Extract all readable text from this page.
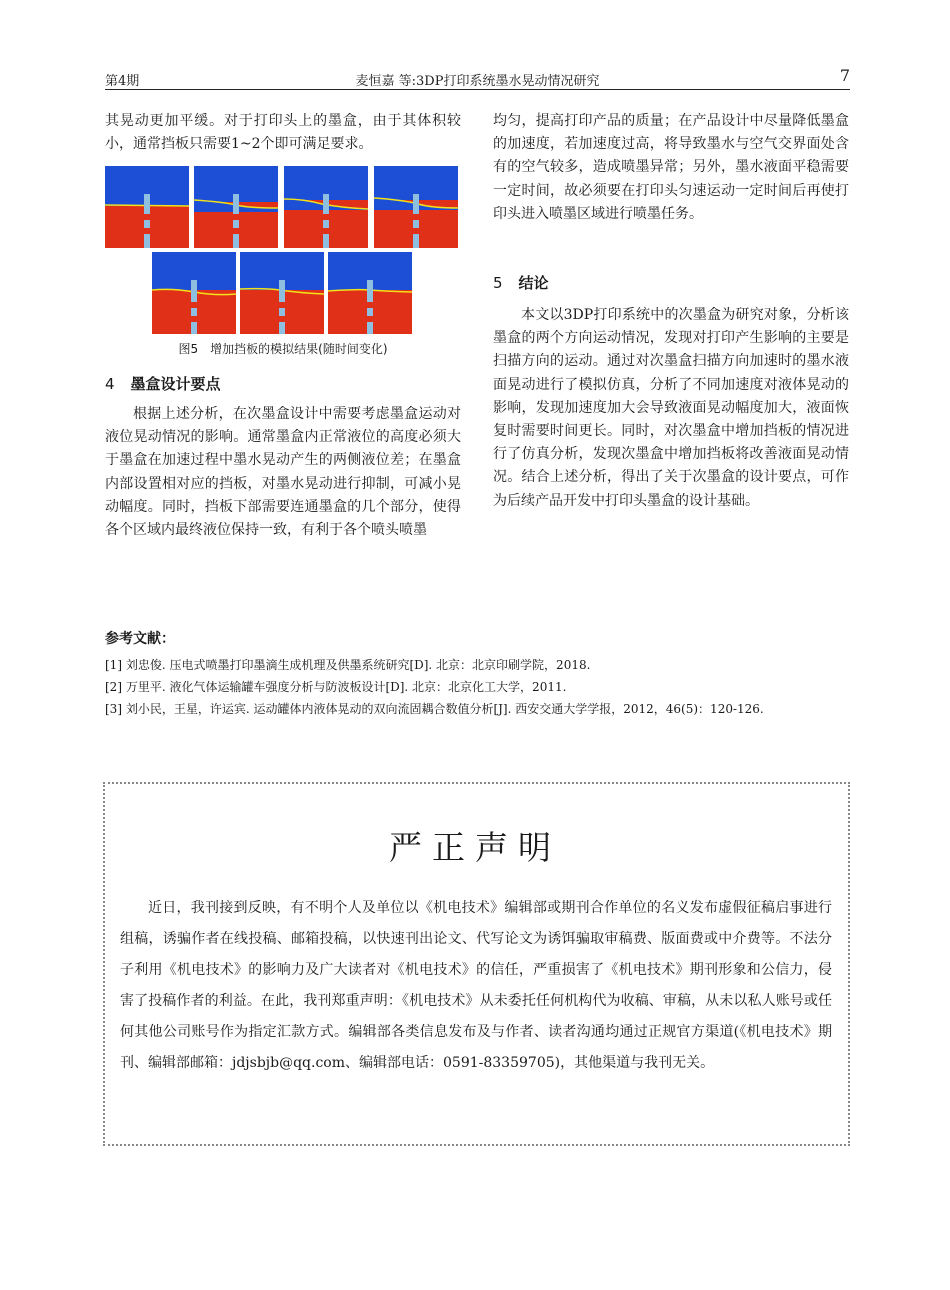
第4期	麦恒嘉 等:3DP打印系统墨水晃动情况研究	7
其晃动更加平缓。对于打印头上的墨盒，由于其体积较小，通常挡板只需要1~2个即可满足要求。
图5　增加挡板的模拟结果(随时间变化)
4 墨盒设计要点
根据上述分析，在次墨盒设计中需要考虑墨盒运动对液位晃动情况的影响。通常墨盒内正常液位的高度必须大于墨盒在加速过程中墨水晃动产生的两侧液位差；在墨盒内部设置相对应的挡板，对墨水晃动进行抑制，可减小晃动幅度。同时，挡板下部需要连通墨盒的几个部分，使得各个区域内最终液位保持一致，有利于各个喷头喷墨
均匀，提高打印产品的质量；在产品设计中尽量降低墨盒的加速度，若加速度过高，将导致墨水与空气交界面处含有的空气较多，造成喷墨异常；另外，墨水液面平稳需要一定时间，故必须要在打印头匀速运动一定时间后再使打印头进入喷墨区域进行喷墨任务。
5 结论
本文以3DP打印系统中的次墨盒为研究对象，分析该墨盒的两个方向运动情况，发现对打印产生影响的主要是扫描方向的运动。通过对次墨盒扫描方向加速时的墨水液面晃动进行了模拟仿真，分析了不同加速度对液体晃动的影响，发现加速度加大会导致液面晃动幅度加大，液面恢复时需要时间更长。同时，对次墨盒中增加挡板的情况进行了仿真分析，发现次墨盒中增加挡板将改善液面晃动情况。结合上述分析，得出了关于次墨盒的设计要点，可作为后续产品开发中打印头墨盒的设计基础。
参考文献：
[1] 刘忠俊. 压电式喷墨打印墨滴生成机理及供墨系统研究[D]. 北京：北京印刷学院，2018.
[2] 万里平. 液化气体运输罐车强度分析与防波板设计[D]. 北京：北京化工大学，2011.
[3] 刘小民，王星，许运宾. 运动罐体内液体晃动的双向流固耦合数值分析[J]. 西安交通大学学报，2012，46(5)：120-126.
严正声明
近日，我刊接到反映，有不明个人及单位以《机电技术》编辑部或期刊合作单位的名义发布虚假征稿启事进行组稿，诱骗作者在线投稿、邮箱投稿，以快速刊出论文、代写论文为诱饵骗取审稿费、版面费或中介费等。不法分子利用《机电技术》的影响力及广大读者对《机电技术》的信任，严重损害了《机电技术》期刊形象和公信力，侵害了投稿作者的利益。在此，我刊郑重声明：《机电技术》从未委托任何机构代为收稿、审稿，从未以私人账号或任何其他公司账号作为指定汇款方式。编辑部各类信息发布及与作者、读者沟通均通过正规官方渠道(《机电技术》期刊、编辑部邮箱：jdjsbjb@qq.com、编辑部电话：0591-83359705)，其他渠道与我刊无关。
